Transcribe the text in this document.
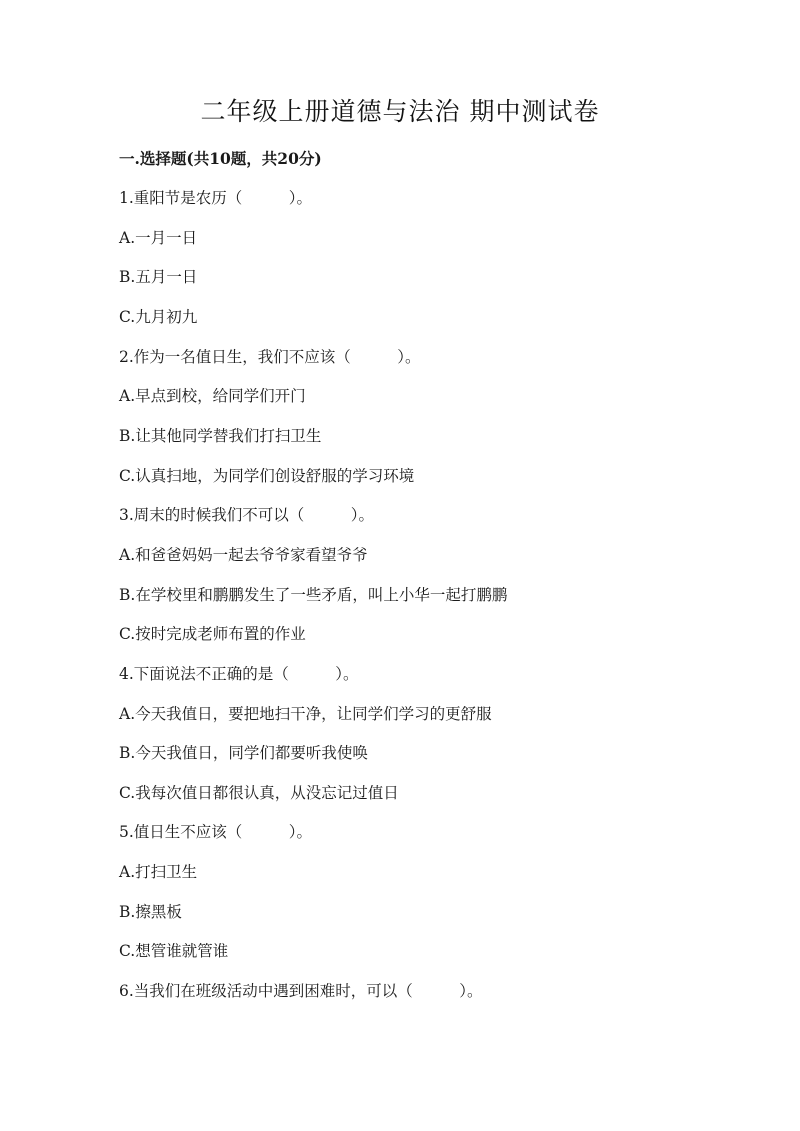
二年级上册道德与法治 期中测试卷
一.选择题(共10题，共20分)
1.重阳节是农历（　　　）。
A.一月一日
B.五月一日
C.九月初九
2.作为一名值日生，我们不应该（　　　）。
A.早点到校，给同学们开门
B.让其他同学替我们打扫卫生
C.认真扫地，为同学们创设舒服的学习环境
3.周末的时候我们不可以（　　　）。
A.和爸爸妈妈一起去爷爷家看望爷爷
B.在学校里和鹏鹏发生了一些矛盾，叫上小华一起打鹏鹏
C.按时完成老师布置的作业
4.下面说法不正确的是（　　　）。
A.今天我值日，要把地扫干净，让同学们学习的更舒服
B.今天我值日，同学们都要听我使唤
C.我每次值日都很认真，从没忘记过值日
5.值日生不应该（　　　）。
A.打扫卫生
B.擦黑板
C.想管谁就管谁
6.当我们在班级活动中遇到困难时，可以（　　　）。
